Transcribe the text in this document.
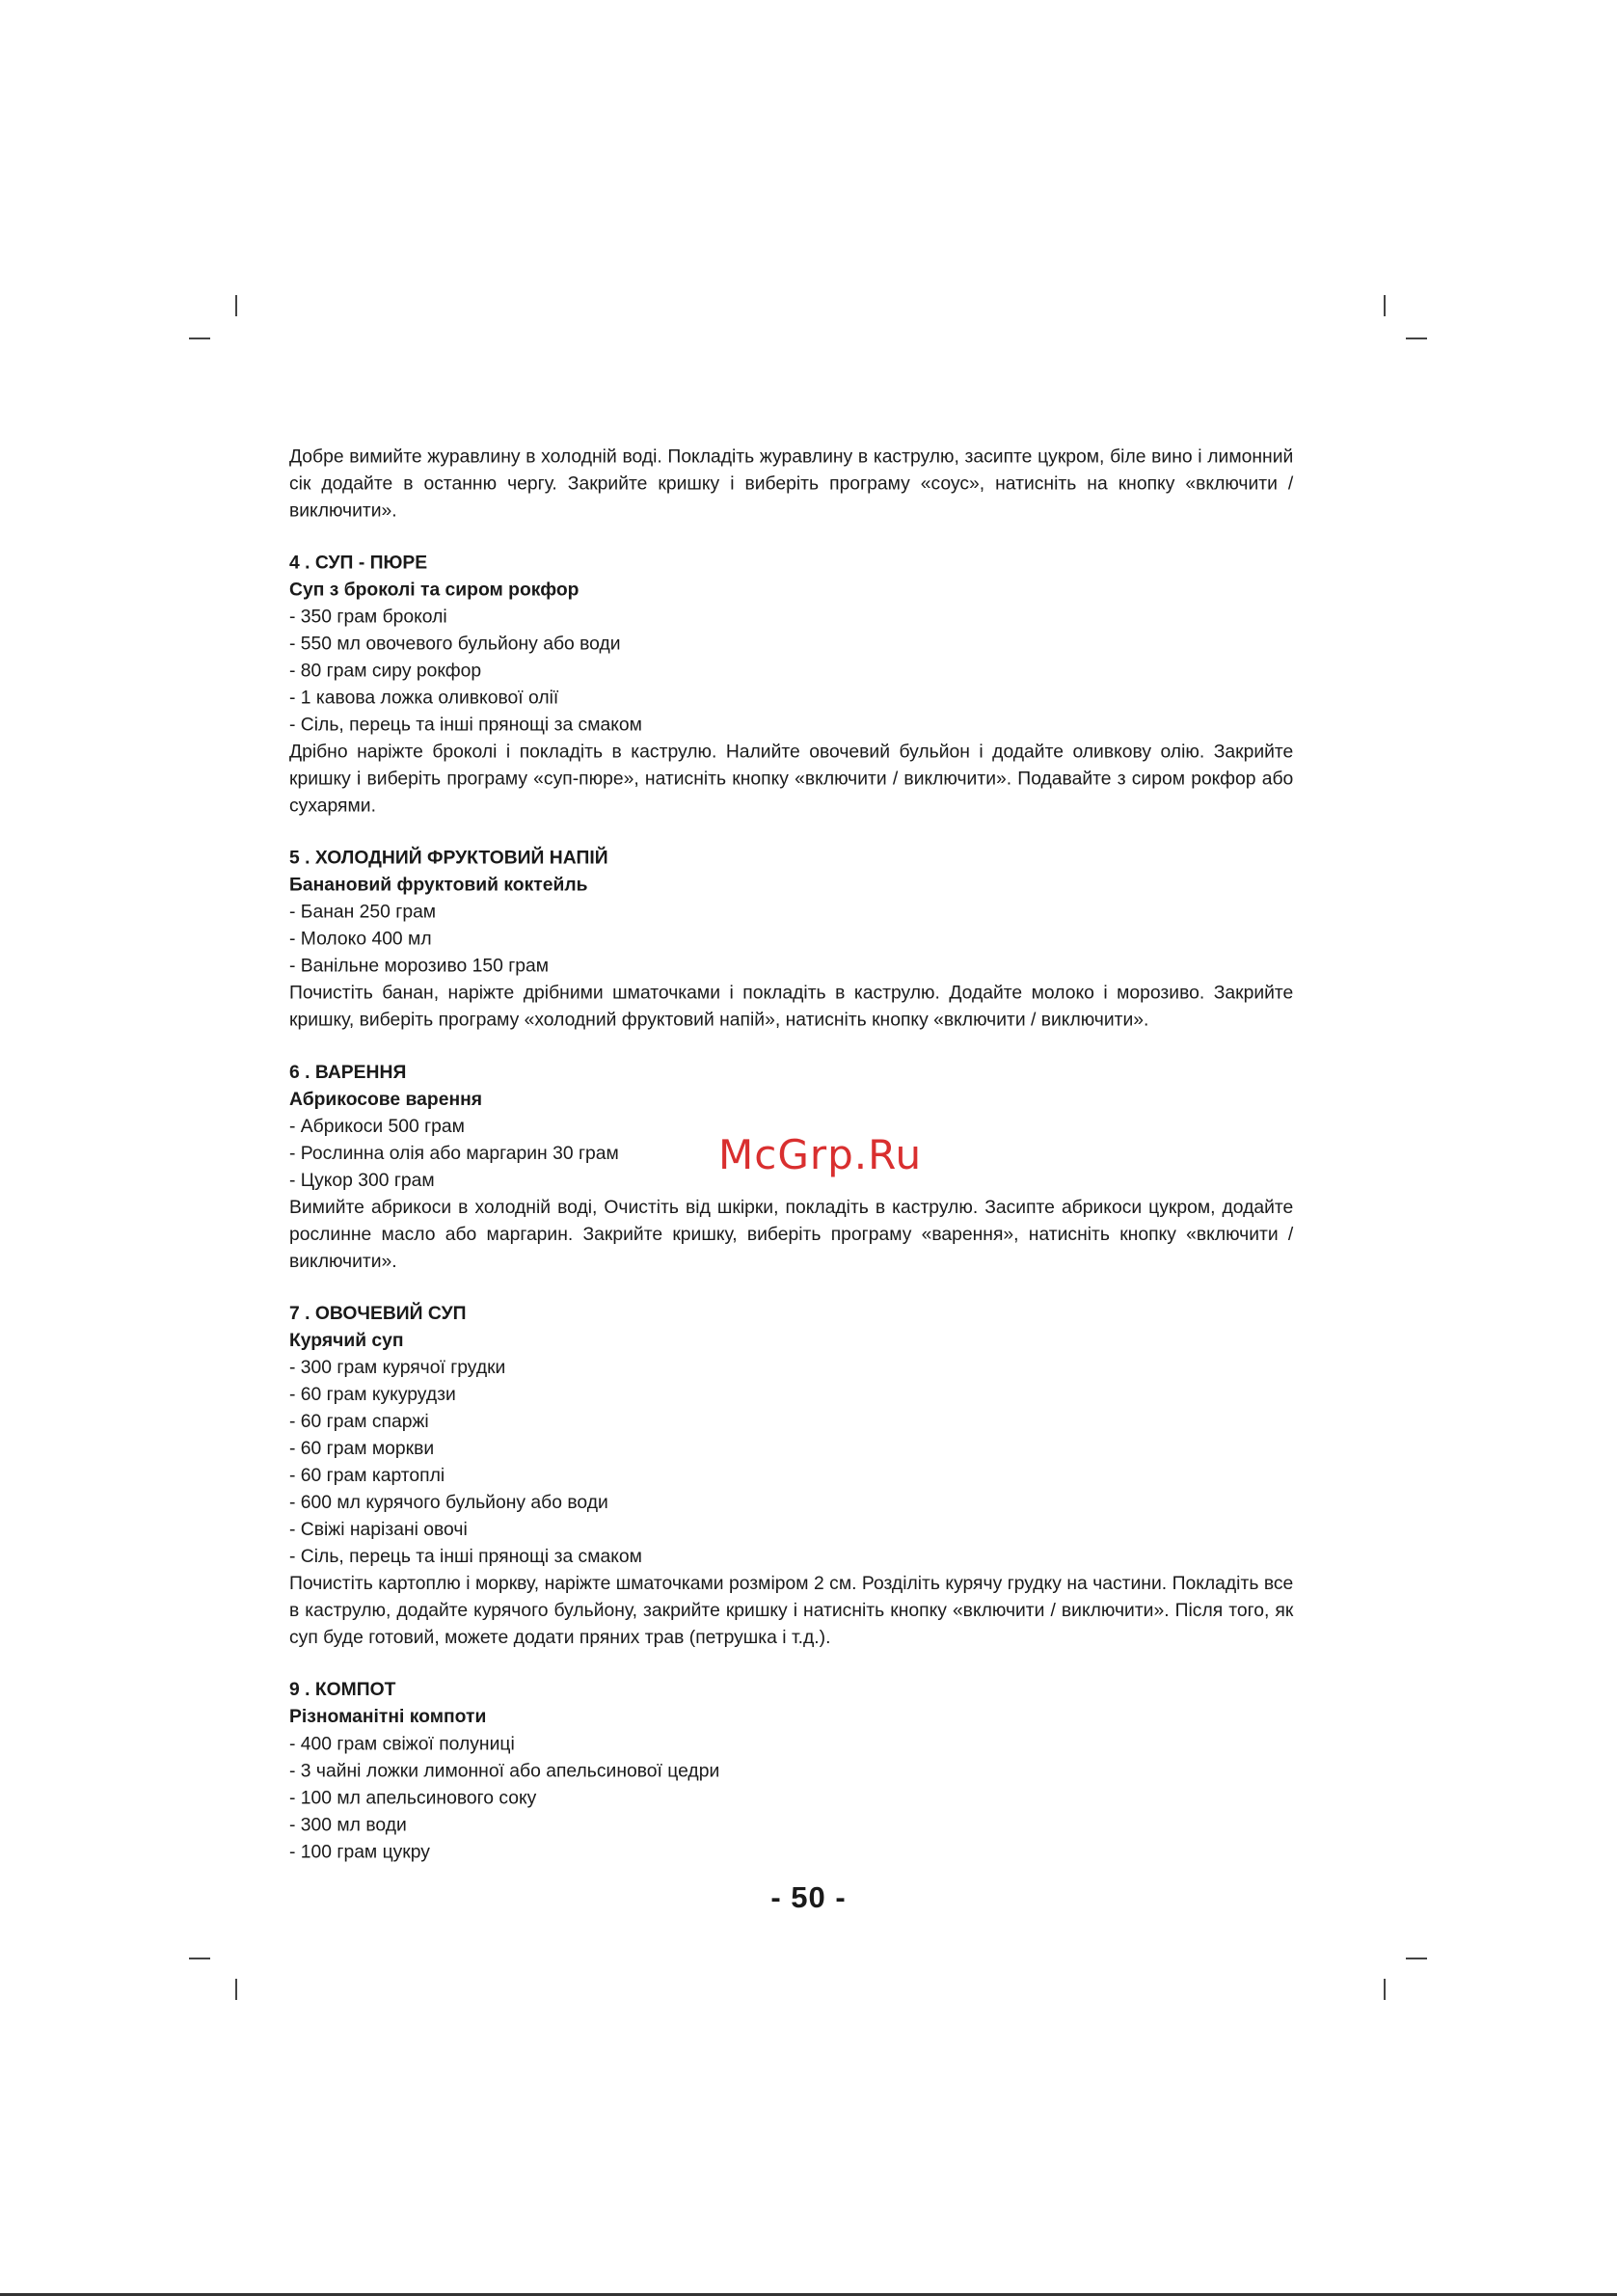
Добре вимийте журавлину в холодній воді. Покладіть журавлину в каструлю, засипте цукром, біле вино і лимонний сік додайте в останню чергу. Закрийте кришку і виберіть програму «соус», натисніть на кнопку «включити / виключити».

4 . СУП - ПЮРЕ
Суп з броколі та сиром рокфор
- 350 грам броколі
- 550 мл овочевого бульйону або води
- 80 грам сиру рокфор
- 1 кавова ложка оливкової олії
- Сіль, перець та інші прянощі за смаком

Дрібно наріжте броколі і покладіть в каструлю. Налийте овочевий бульйон і додайте оливкову олію. Закрийте кришку і виберіть програму «суп-пюре», натисніть кнопку «включити / виключити». Подавайте з сиром рокфор або сухарями.

5 . ХОЛОДНИЙ ФРУКТОВИЙ НАПІЙ
Банановий фруктовий коктейль
- Банан 250 грам
- Молоко 400 мл
- Ванільне морозиво 150 грам

Почистіть банан, наріжте дрібними шматочками і покладіть в каструлю. Додайте молоко і морозиво. Закрийте кришку, виберіть програму «холодний фруктовий напій», натисніть кнопку «включити / виключити».

6 . ВАРЕННЯ
Абрикосове варення
- Абрикоси 500 грам
- Рослинна олія або маргарин 30 грам
- Цукор 300 грам

Вимийте абрикоси в холодній воді, Очистіть від шкірки, покладіть в каструлю. Засипте абрикоси цукром, додайте рослинне масло або маргарин. Закрийте кришку, виберіть програму «варення», натисніть кнопку «включити / виключити».

7 . ОВОЧЕВИЙ СУП
Курячий суп
- 300 грам курячої грудки
- 60 грам кукурудзи
- 60 грам спаржі
- 60 грам моркви
- 60 грам картоплі
- 600 мл курячого бульйону або води
- Свіжі нарізані овочі
- Сіль, перець та інші прянощі за смаком

Почистіть картоплю і моркву, наріжте шматочками розміром 2 см. Розділіть курячу грудку на частини. Покладіть все в каструлю, додайте курячого бульйону, закрийте кришку і натисніть кнопку «включити / виключити». Після того, як суп буде готовий, можете додати пряних трав (петрушка і т.д.).

9 . КОМПОТ
Різноманітні компоти
- 400 грам свіжої полуниці
- 3 чайні ложки лимонної або апельсинової цедри
- 100 мл апельсинового соку
- 300 мл води
- 100 грам цукру
McGrp.Ru
- 50 -
